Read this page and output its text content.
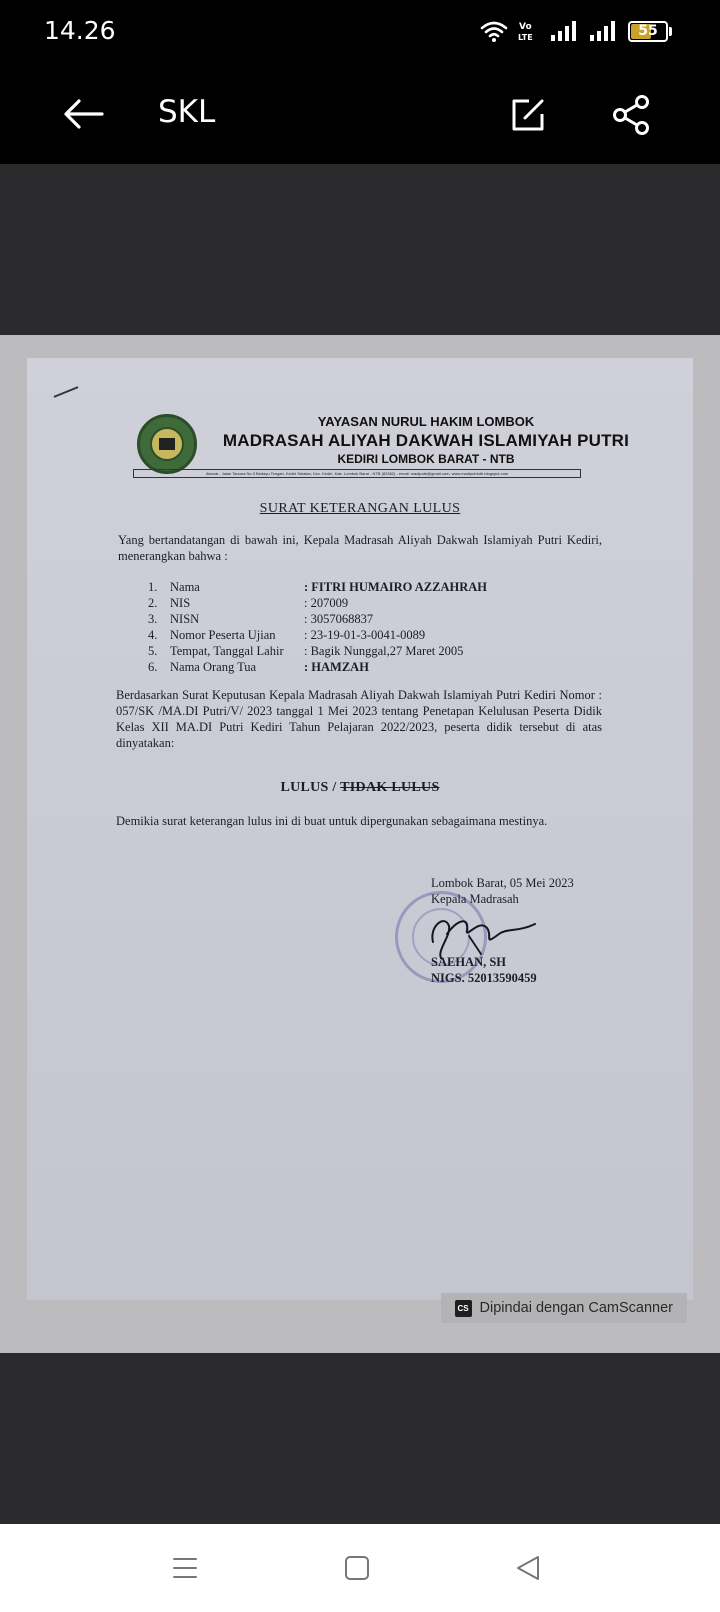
14.26	Vo
LTE	55
SKL
YAYASAN NURUL HAKIM LOMBOK
MADRASAH ALIYAH DAKWAH ISLAMIYAH PUTRI
KEDIRI LOMBOK BARAT - NTB
Alamat : Jalan Tanuna No.3 Bedayu Tengah, Kediri Selatan, Kec. Kediri, Kab. Lombok Barat - NTB (83362) - email: madiputri@gmail.com, www.madiputrintb.blogspot.com
SURAT KETERANGAN LULUS
Yang bertandatangan di bawah ini, Kepala Madrasah Aliyah Dakwah Islamiyah Putri Kediri, menerangkan bahwa :
1.	Nama	: FITRI HUMAIRO AZZAHRAH
2.	NIS	: 207009
3.	NISN	: 3057068837
4.	Nomor Peserta Ujian	: 23-19-01-3-0041-0089
5.	Tempat, Tanggal Lahir	: Bagik Nunggal,27 Maret 2005
6.	Nama Orang Tua	: HAMZAH
Berdasarkan Surat Keputusan Kepala Madrasah Aliyah Dakwah Islamiyah Putri Kediri Nomor : 057/SK /MA.DI Putri/V/ 2023 tanggal 1 Mei 2023 tentang Penetapan Kelulusan Peserta Didik Kelas XII MA.DI Putri Kediri Tahun Pelajaran 2022/2023, peserta didik tersebut di atas dinyatakan:
LULUS / TIDAK LULUS
Demikia surat keterangan lulus ini di buat untuk dipergunakan sebagaimana mestinya.
Lombok Barat, 05 Mei 2023
Kepala Madrasah
SAEHAN, SH
NIGS. 52013590459
CS Dipindai dengan CamScanner
